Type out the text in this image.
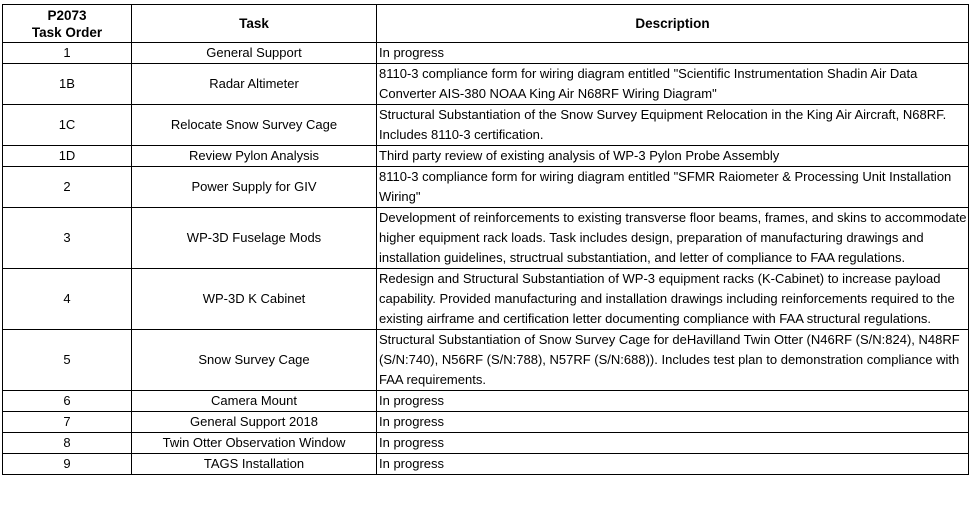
P2073
Task Order	Task	Description
1	General Support	In progress
1B	Radar Altimeter	8110-3 compliance form for wiring diagram entitled "Scientific Instrumentation Shadin Air Data Converter AIS-380 NOAA King Air N68RF Wiring Diagram"
1C	Relocate Snow Survey Cage	Structural Substantiation of the Snow Survey Equipment Relocation in the King Air Aircraft, N68RF. Includes 8110-3 certification.
1D	Review Pylon Analysis	Third party review of existing analysis of WP-3 Pylon Probe Assembly
2	Power Supply for GIV	8110-3 compliance form for wiring diagram entitled "SFMR Raiometer & Processing Unit Installation Wiring"
3	WP-3D Fuselage Mods	Development of reinforcements to existing transverse floor beams, frames, and skins to accommodate higher equipment rack loads. Task includes design, preparation of manufacturing drawings and installation guidelines, structrual substantiation, and letter of compliance to FAA regulations.
4	WP-3D K Cabinet	Redesign and Structural Substantiation of WP-3 equipment racks (K-Cabinet) to increase payload capability. Provided manufacturing and installation drawings including reinforcements required to the existing airframe and certification letter documenting compliance with FAA structural regulations.
5	Snow Survey Cage	Structural Substantiation of Snow Survey Cage for deHavilland Twin Otter (N46RF (S/N:824), N48RF (S/N:740), N56RF (S/N:788), N57RF (S/N:688)). Includes test plan to demonstration compliance with FAA requirements.
6	Camera Mount	In progress
7	General Support 2018	In progress
8	Twin Otter Observation Window	In progress
9	TAGS Installation	In progress
